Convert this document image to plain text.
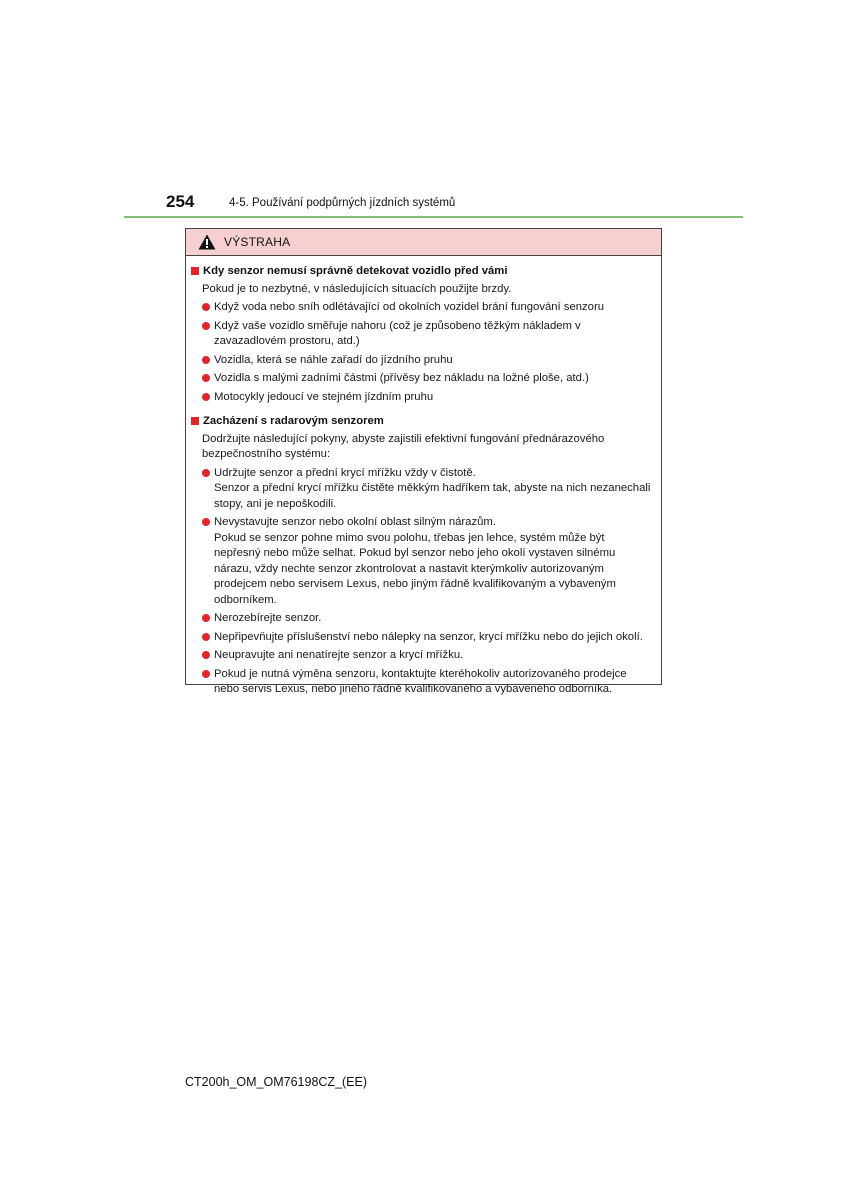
254	4-5. Používání podpůrných jízdních systémů
VÝSTRAHA
Kdy senzor nemusí správně detekovat vozidlo před vámi
Pokud je to nezbytné, v následujících situacích použijte brzdy.
Když voda nebo sníh odlétávající od okolních vozidel brání fungování senzoru
Když vaše vozidlo směřuje nahoru (což je způsobeno těžkým nákladem v zavazadlovém prostoru, atd.)
Vozidla, která se náhle zařadí do jízdního pruhu
Vozidla s malými zadními částmi (přívěsy bez nákladu na ložné ploše, atd.)
Motocykly jedoucí ve stejném jízdním pruhu
Zacházení s radarovým senzorem
Dodržujte následující pokyny, abyste zajistili efektivní fungování přednárazového bezpečnostního systému:
Udržujte senzor a přední krycí mřížku vždy v čistotě.
Senzor a přední krycí mřížku čistěte měkkým hadříkem tak, abyste na nich nezanechali stopy, ani je nepoškodili.
Nevystavujte senzor nebo okolní oblast silným nárazům.
Pokud se senzor pohne mimo svou polohu, třebas jen lehce, systém může být nepřesný nebo může selhat. Pokud byl senzor nebo jeho okolí vystaven silnému nárazu, vždy nechte senzor zkontrolovat a nastavit kterýmkoliv autorizovaným prodejcem nebo servisem Lexus, nebo jiným řádně kvalifikovaným a vybaveným odborníkem.
Nerozebírejte senzor.
Nepřipevňujte příslušenství nebo nálepky na senzor, krycí mřížku nebo do jejich okolí.
Neupravujte ani nenatírejte senzor a krycí mřížku.
Pokud je nutná výměna senzoru, kontaktujte kteréhokoliv autorizovaného prodejce nebo servis Lexus, nebo jiného řádně kvalifikovaného a vybaveného odborníka.
CT200h_OM_OM76198CZ_(EE)
